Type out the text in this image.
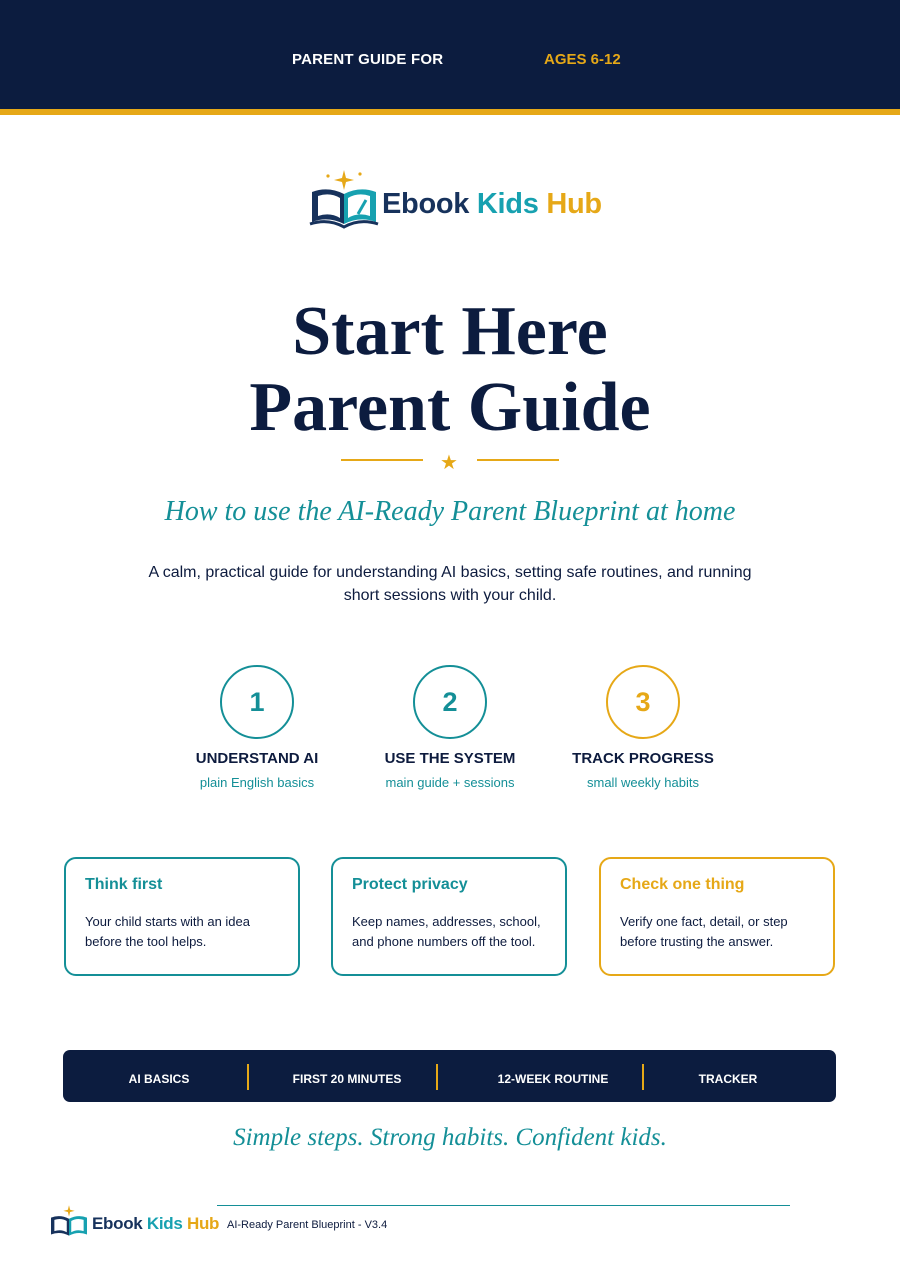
PARENT GUIDE FOR	AGES 6-12
Ebook Kids Hub
Start Here
Parent Guide
★
How to use the AI-Ready Parent Blueprint at home
A calm, practical guide for understanding AI basics, setting safe routines, and running short sessions with your child.
1
UNDERSTAND AI
plain English basics
2
USE THE SYSTEM
main guide + sessions
3
TRACK PROGRESS
small weekly habits
Think first
Your child starts with an idea before the tool helps.
Protect privacy
Keep names, addresses, school, and phone numbers off the tool.
Check one thing
Verify one fact, detail, or step before trusting the answer.
AI BASICS	FIRST 20 MINUTES	12-WEEK ROUTINE	TRACKER
Simple steps. Strong habits. Confident kids.
Ebook Kids Hub AI-Ready Parent Blueprint - V3.4
